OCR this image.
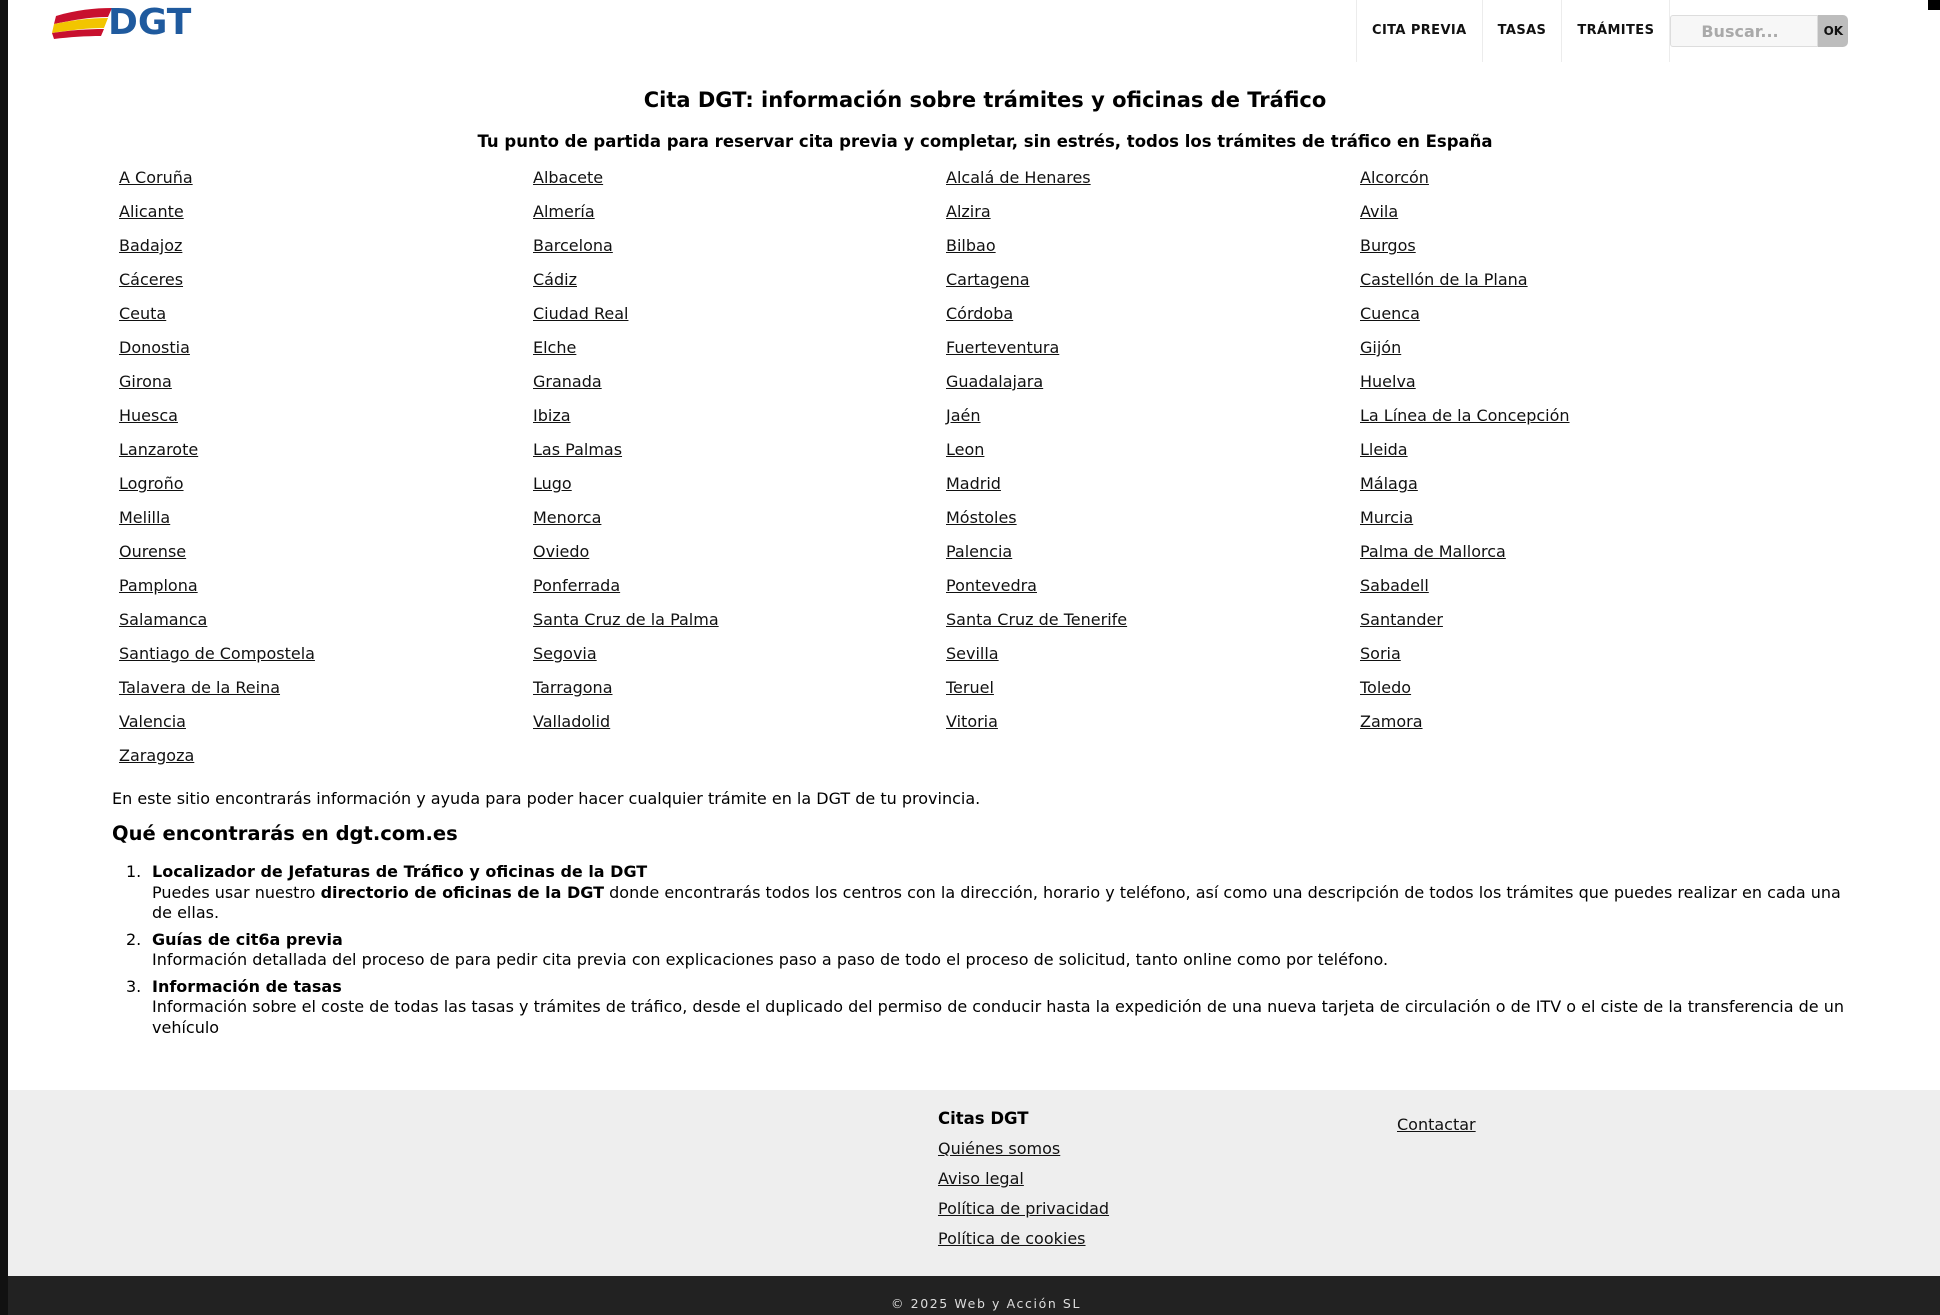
DGT	CITA PREVIA	TASAS	TRÁMITES
Buscar...	OK
Cita DGT: información sobre trámites y oficinas de Tráfico
Tu punto de partida para reservar cita previa y completar, sin estrés, todos los trámites de tráfico en España
A Coruña	Albacete	Alcalá de Henares	Alcorcón
Alicante	Almería	Alzira	Avila
Badajoz	Barcelona	Bilbao	Burgos
Cáceres	Cádiz	Cartagena	Castellón de la Plana
Ceuta	Ciudad Real	Córdoba	Cuenca
Donostia	Elche	Fuerteventura	Gijón
Girona	Granada	Guadalajara	Huelva
Huesca	Ibiza	Jaén	La Línea de la Concepción
Lanzarote	Las Palmas	Leon	Lleida
Logroño	Lugo	Madrid	Málaga
Melilla	Menorca	Móstoles	Murcia
Ourense	Oviedo	Palencia	Palma de Mallorca
Pamplona	Ponferrada	Pontevedra	Sabadell
Salamanca	Santa Cruz de la Palma	Santa Cruz de Tenerife	Santander
Santiago de Compostela	Segovia	Sevilla	Soria
Talavera de la Reina	Tarragona	Teruel	Toledo
Valencia	Valladolid	Vitoria	Zamora
Zaragoza
En este sitio encontrarás información y ayuda para poder hacer cualquier trámite en la DGT de tu provincia.
Qué encontrarás en dgt.com.es
1. Localizador de Jefaturas de Tráfico y oficinas de la DGT
Puedes usar nuestro directorio de oficinas de la DGT donde encontrarás todos los centros con la dirección, horario y teléfono, así como una descripción de todos los trámites que puedes realizar en cada una de ellas.
2. Guías de cit6a previa
Información detallada del proceso de para pedir cita previa con explicaciones paso a paso de todo el proceso de solicitud, tanto online como por teléfono.
3. Información de tasas
Información sobre el coste de todas las tasas y trámites de tráfico, desde el duplicado del permiso de conducir hasta la expedición de una nueva tarjeta de circulación o de ITV o el ciste de la transferencia de un vehículo
Citas DGT
Quiénes somos
Aviso legal
Política de privacidad
Política de cookies
Contactar
© 2025 Web y Acción SL
